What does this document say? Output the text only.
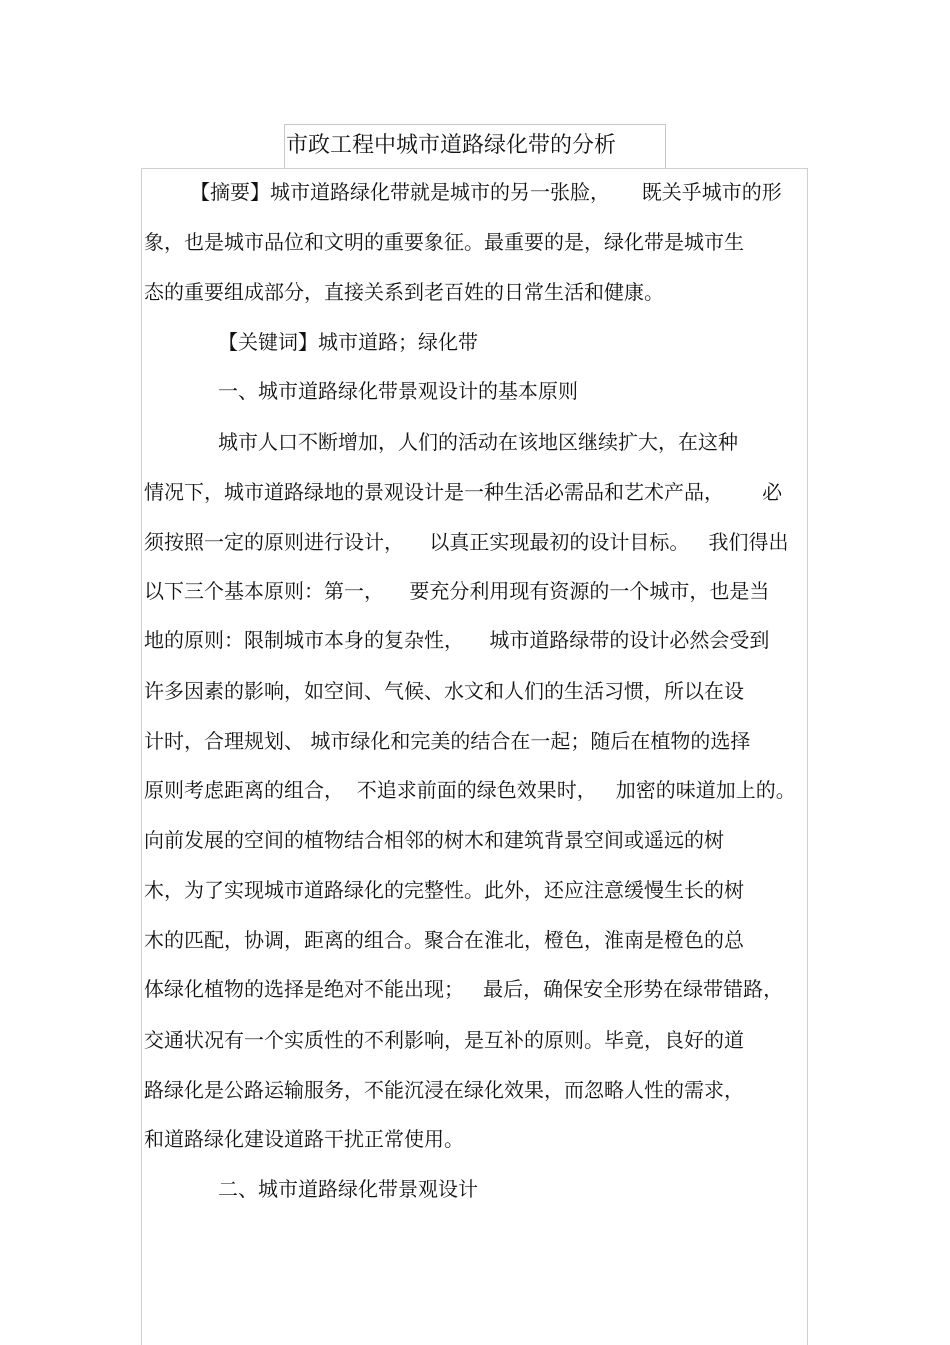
市政工程中城市道路绿化带的分析
【摘要】城市道路绿化带就是城市的另一张脸，     既关乎城市的形
象，也是城市品位和文明的重要象征。最重要的是，绿化带是城市生
态的重要组成部分，直接关系到老百姓的日常生活和健康。
【关键词】城市道路；绿化带
一、城市道路绿化带景观设计的基本原则
城市人口不断增加，人们的活动在该地区继续扩大，在这种
情况下，城市道路绿地的景观设计是一种生活必需品和艺术产品，      必
须按照一定的原则进行设计，    以真正实现最初的设计目标。   我们得出
以下三个基本原则：第一，    要充分利用现有资源的一个城市，也是当
地的原则：限制城市本身的复杂性，    城市道路绿带的设计必然会受到
许多因素的影响，如空间、气候、水文和人们的生活习惯，所以在设
计时，合理规划、 城市绿化和完美的结合在一起；随后在植物的选择
原则考虑距离的组合，  不追求前面的绿色效果时，   加密的味道加上的。
向前发展的空间的植物结合相邻的树木和建筑背景空间或遥远的树
木，为了实现城市道路绿化的完整性。此外，还应注意缓慢生长的树
木的匹配，协调，距离的组合。聚合在淮北，橙色，淮南是橙色的总
体绿化植物的选择是绝对不能出现；   最后，确保安全形势在绿带错路，
交通状况有一个实质性的不利影响，是互补的原则。毕竟，良好的道
路绿化是公路运输服务，不能沉浸在绿化效果，而忽略人性的需求，
和道路绿化建设道路干扰正常使用。
二、城市道路绿化带景观设计
